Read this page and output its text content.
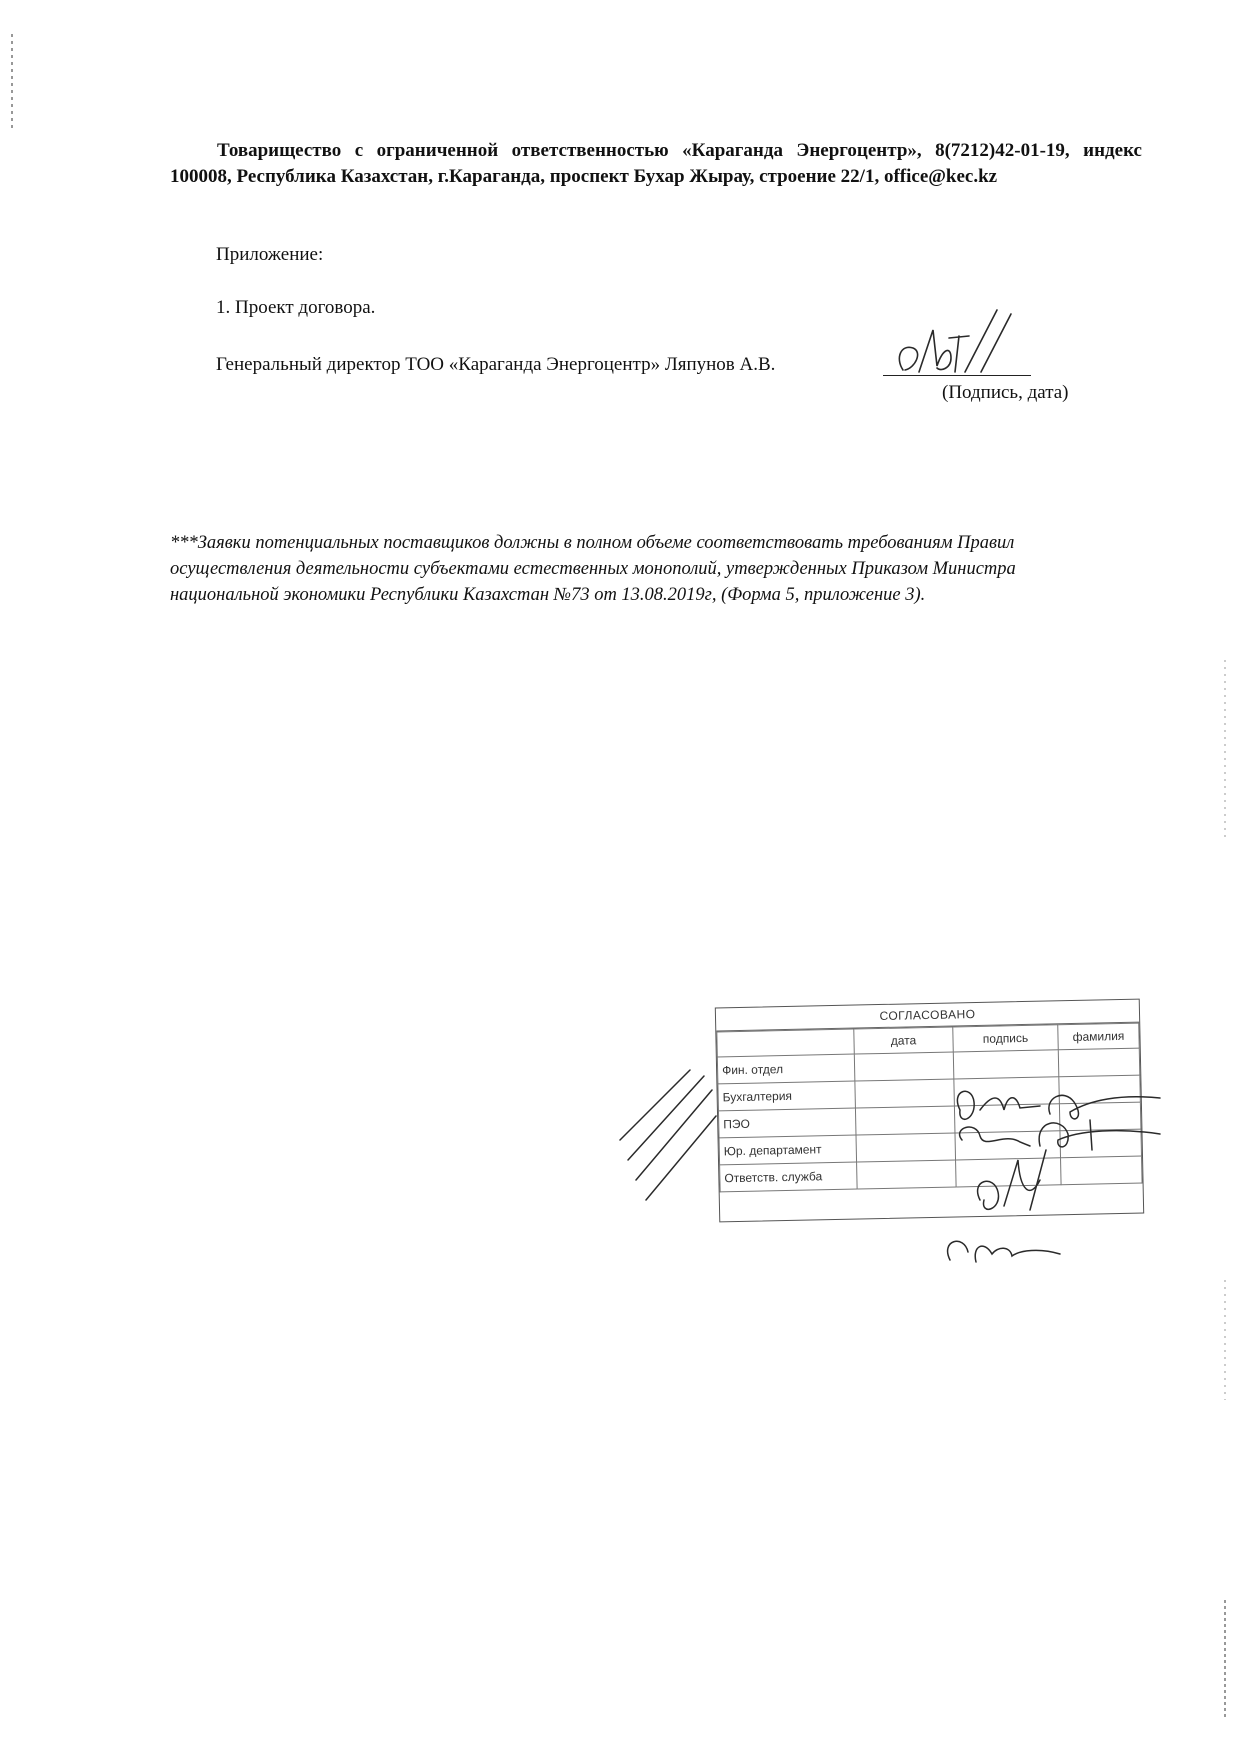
Товарищество с ограниченной ответственностью «Караганда Энергоцентр», 8(7212)42-01-19, индекс 100008, Республика Казахстан, г.Караганда, проспект Бухар Жырау, строение 22/1, office@kec.kz

Приложение:

1. Проект договора.

Генеральный директор ТОО «Караганда Энергоцентр» Ляпунов А.В.

(Подпись, дата)

***Заявки потенциальных поставщиков должны в полном объеме соответствовать требованиям Правил осуществления деятельности субъектами естественных монополий, утвержденных Приказом Министра национальной экономики Республики Казахстан №73 от 13.08.2019г, (Форма 5, приложение 3).

СОГЛАСОВАНО
	дата	подпись	фамилия
Фин. отдел			
Бухгалтерия			
ПЭО			
Юр. департамент			
Ответств. служба			
